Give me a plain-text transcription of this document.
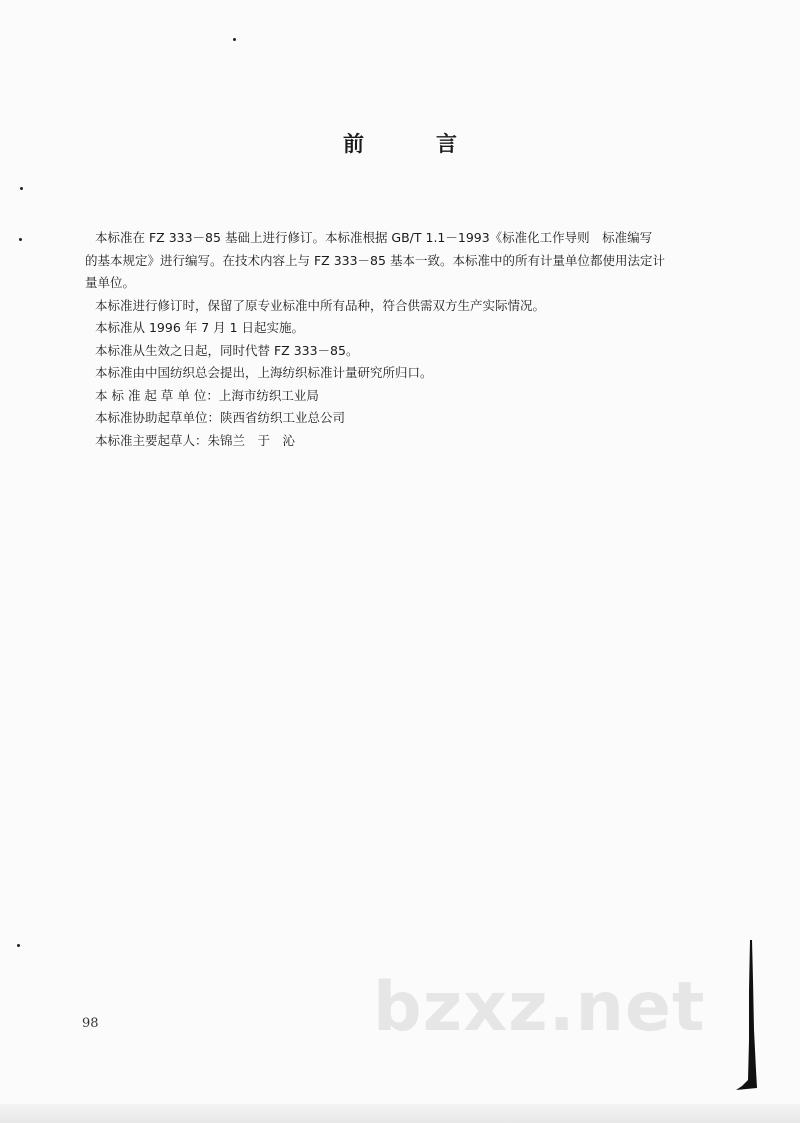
前	言

本标准在 FZ 333－85 基础上进行修订。本标准根据 GB/T 1.1－1993《标准化工作导则　标准编写

的基本规定》进行编写。在技术内容上与 FZ 333－85 基本一致。本标准中的所有计量单位都使用法定计

量单位。

本标准进行修订时，保留了原专业标准中所有品种，符合供需双方生产实际情况。

本标准从 1996 年 7 月 1 日起实施。

本标准从生效之日起，同时代替 FZ 333－85。

本标准由中国纺织总会提出，上海纺织标准计量研究所归口。

本 标 准 起 草 单 位：上海市纺织工业局

本标准协助起草单位：陕西省纺织工业总公司

本标准主要起草人：朱锦兰　于　沁

bzxz.net
98
